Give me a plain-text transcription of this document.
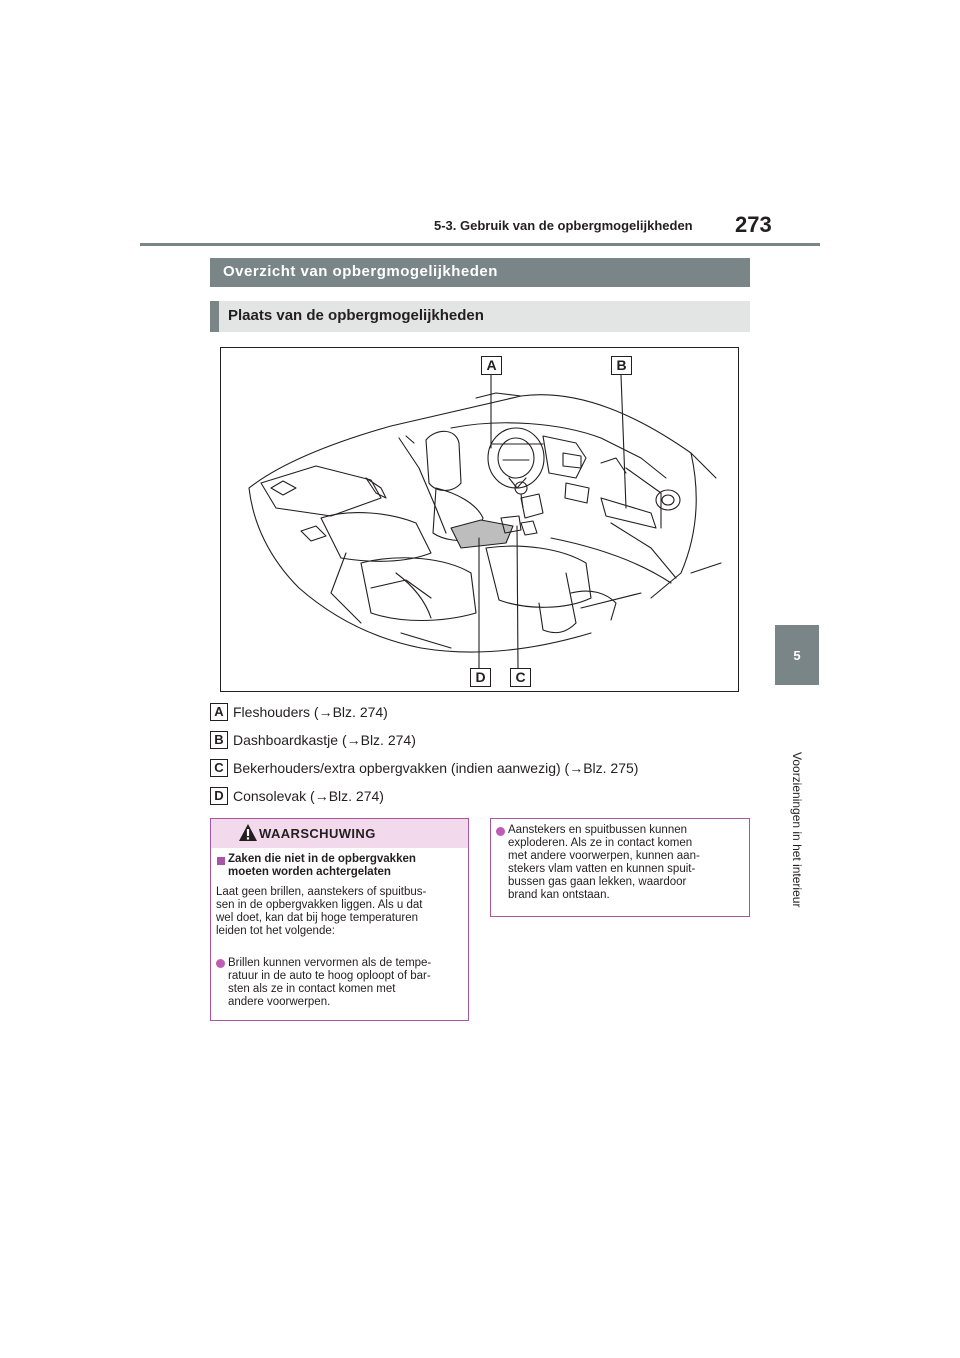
5-3. Gebruik van de opbergmogelijkheden 273
5
Voorzieningen in het interieur
Overzicht van opbergmogelijkheden
Plaats van de opbergmogelijkheden
A	B
C
D
A Fleshouders (→Blz. 274)
B Dashboardkastje (→Blz. 274)
C Bekerhouders/extra opbergvakken (indien aanwezig) (→Blz. 275)
D Consolevak (→Blz. 274)
WAARSCHUWING
Zaken die niet in de opbergvakken
moeten worden achtergelaten
Laat geen brillen, aanstekers of spuitbus-
sen in de opbergvakken liggen. Als u dat
wel doet, kan dat bij hoge temperaturen
leiden tot het volgende:
Brillen kunnen vervormen als de tempe-
ratuur in de auto te hoog oploopt of bar-
sten als ze in contact komen met
andere voorwerpen.
Aanstekers en spuitbussen kunnen
exploderen. Als ze in contact komen
met andere voorwerpen, kunnen aan-
stekers vlam vatten en kunnen spuit-
bussen gas gaan lekken, waardoor
brand kan ontstaan.
